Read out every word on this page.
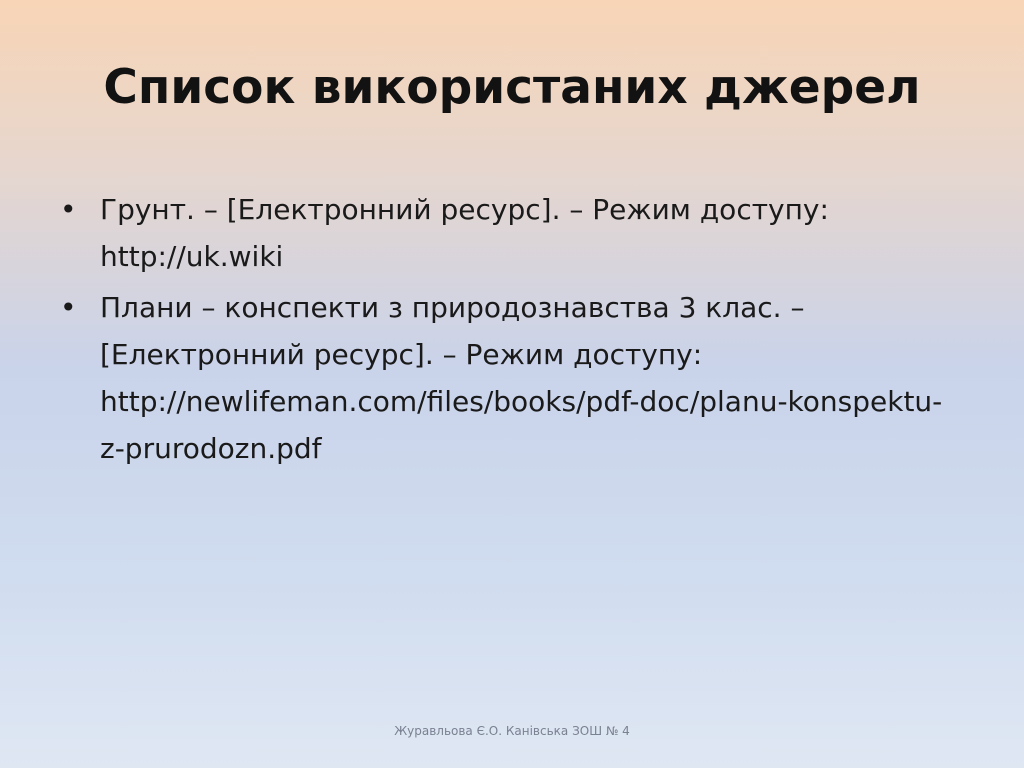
Список використаних джерел
• Грунт. – [Електронний ресурс]. – Режим доступу: http://uk.wiki
• Плани – конспекти з природознавства 3 клас. – [Електронний ресурс]. – Режим доступу: http://newlifeman.com/files/books/pdf-doc/planu-konspektu-z-prurodozn.pdf
Журавльова Є.О. Канівська ЗОШ № 4
